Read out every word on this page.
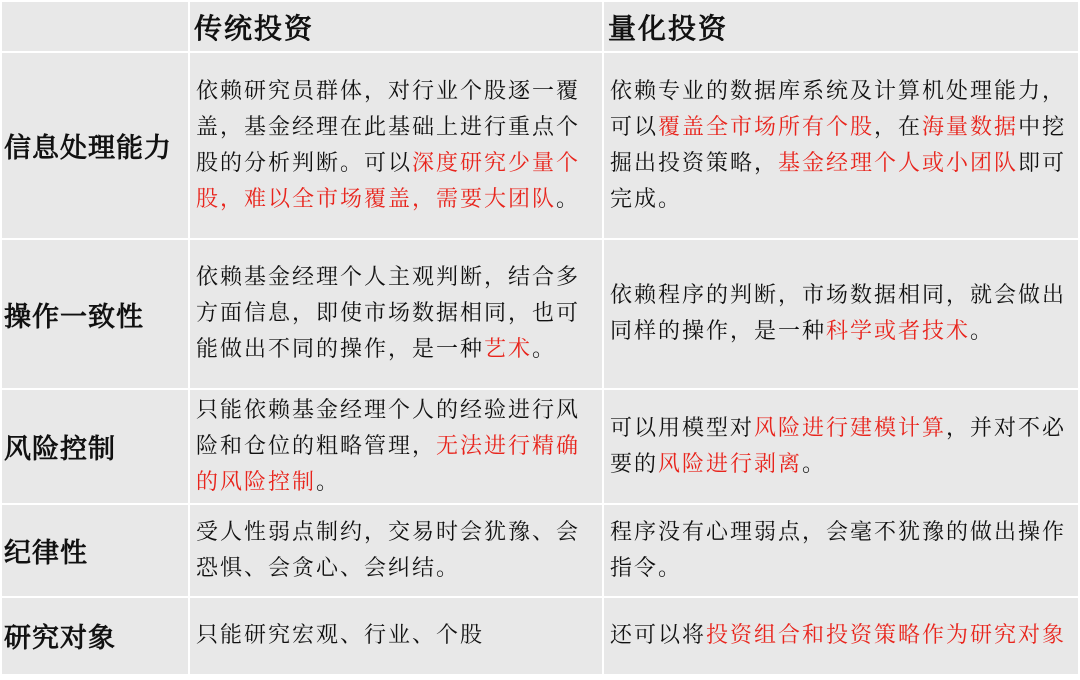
	传统投资	量化投资
信息处理能力	依赖研究员群体，对行业个股逐一覆盖，基金经理在此基础上进行重点个股的分析判断。可以深度研究少量个股，难以全市场覆盖，需要大团队。	依赖专业的数据库系统及计算机处理能力，可以覆盖全市场所有个股，在海量数据中挖掘出投资策略，基金经理个人或小团队即可完成。
操作一致性	依赖基金经理个人主观判断，结合多方面信息，即使市场数据相同，也可能做出不同的操作，是一种艺术。	依赖程序的判断，市场数据相同，就会做出同样的操作，是一种科学或者技术。
风险控制	只能依赖基金经理个人的经验进行风险和仓位的粗略管理，无法进行精确的风险控制。	可以用模型对风险进行建模计算，并对不必要的风险进行剥离。
纪律性	受人性弱点制约，交易时会犹豫、会恐惧、会贪心、会纠结。	程序没有心理弱点，会毫不犹豫的做出操作指令。
研究对象	只能研究宏观、行业、个股	还可以将投资组合和投资策略作为研究对象
